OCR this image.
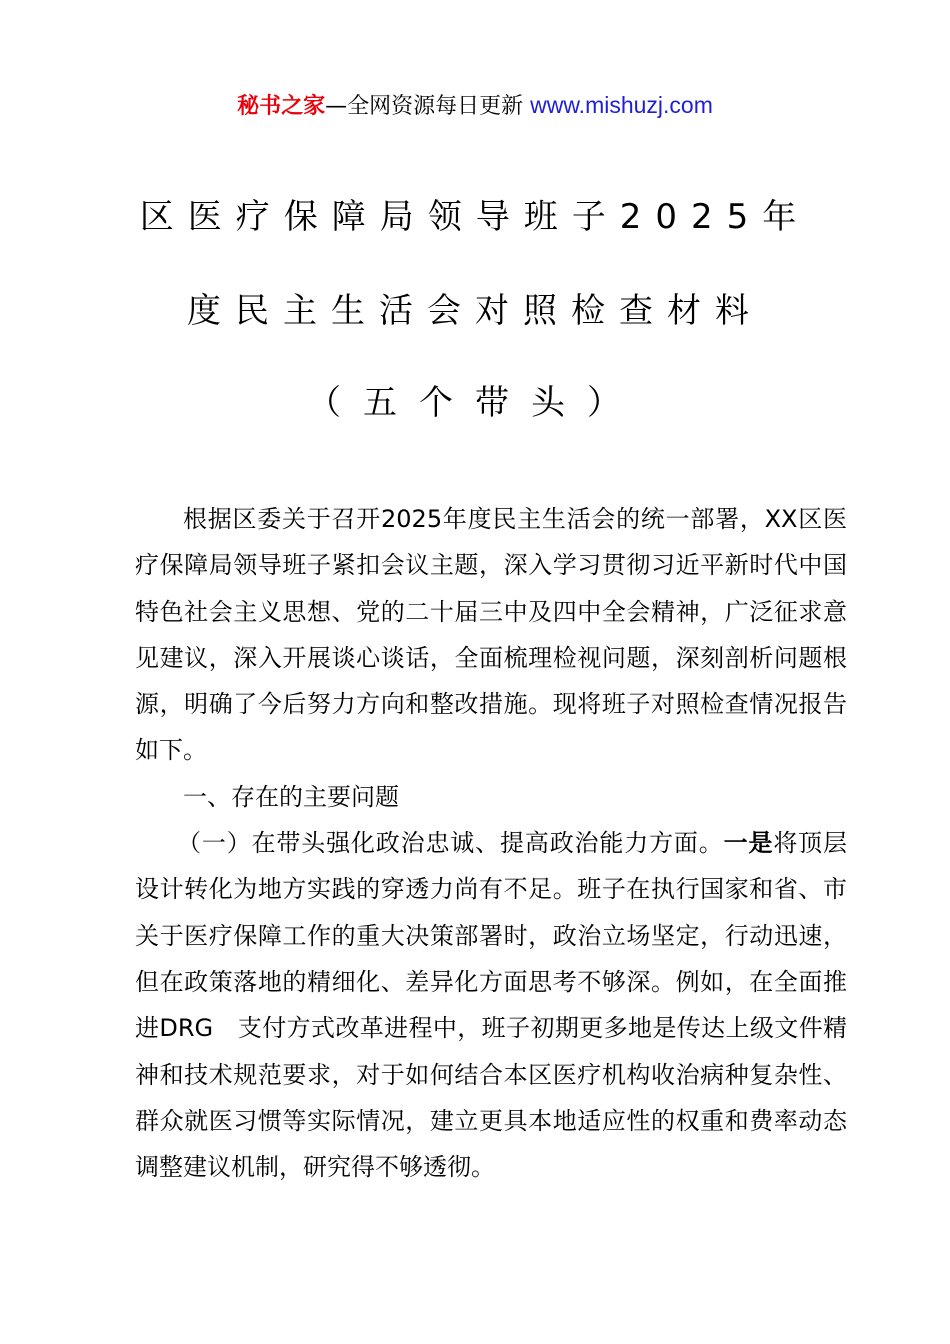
秘书之家—全网资源每日更新 www.mishuzj.com
区医疗保障局领导班子2025年
度民主生活会对照检查材料
（五个带头）

根据区委关于召开2025年度民主生活会的统一部署，XX区医疗保障局领导班子紧扣会议主题，深入学习贯彻习近平新时代中国特色社会主义思想、党的二十届三中及四中全会精神，广泛征求意见建议，深入开展谈心谈话，全面梳理检视问题，深刻剖析问题根源，明确了今后努力方向和整改措施。现将班子对照检查情况报告如下。

一、存在的主要问题

（一）在带头强化政治忠诚、提高政治能力方面。一是将顶层设计转化为地方实践的穿透力尚有不足。班子在执行国家和省、市关于医疗保障工作的重大决策部署时，政治立场坚定，行动迅速，但在政策落地的精细化、差异化方面思考不够深。例如，在全面推进DRG　支付方式改革进程中，班子初期更多地是传达上级文件精神和技术规范要求，对于如何结合本区医疗机构收治病种复杂性、群众就医习惯等实际情况，建立更具本地适应性的权重和费率动态调整建议机制，研究得不够透彻。
